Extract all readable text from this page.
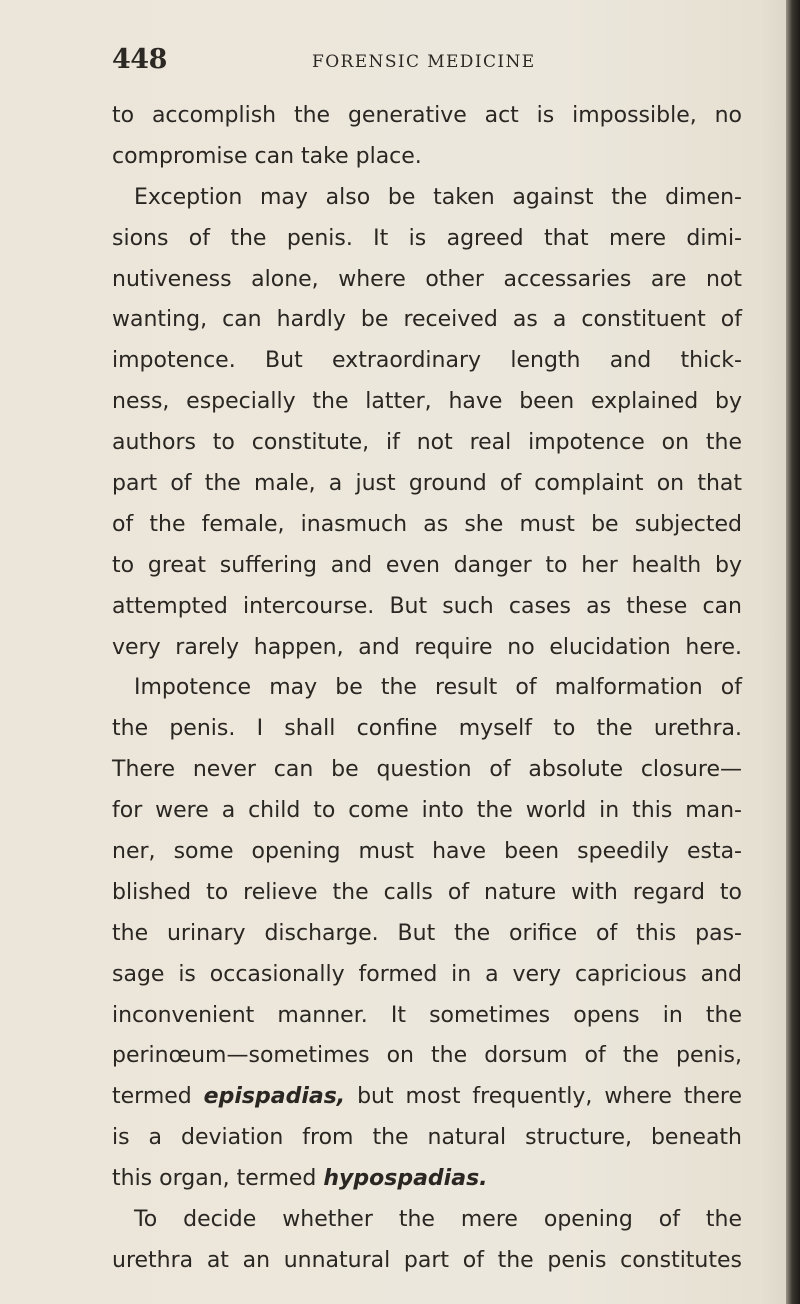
448	FORENSIC MEDICINE
to accomplish the generative act is impossible, no
compromise can take place.
Exception may also be taken against the dimen-
sions of the penis. It is agreed that mere dimi-
nutiveness alone, where other accessaries are not
wanting, can hardly be received as a constituent of
impotence. But extraordinary length and thick-
ness, especially the latter, have been explained by
authors to constitute, if not real impotence on the
part of the male, a just ground of complaint on that
of the female, inasmuch as she must be subjected
to great suffering and even danger to her health by
attempted intercourse. But such cases as these can
very rarely happen, and require no elucidation here.
Impotence may be the result of malformation of
the penis. I shall confine myself to the urethra.
There never can be question of absolute closure—
for were a child to come into the world in this man-
ner, some opening must have been speedily esta-
blished to relieve the calls of nature with regard to
the urinary discharge. But the orifice of this pas-
sage is occasionally formed in a very capricious and
inconvenient manner. It sometimes opens in the
perinœum—sometimes on the dorsum of the penis,
termed epispadias, but most frequently, where there
is a deviation from the natural structure, beneath
this organ, termed hypospadias.
To decide whether the mere opening of the
urethra at an unnatural part of the penis constitutes
